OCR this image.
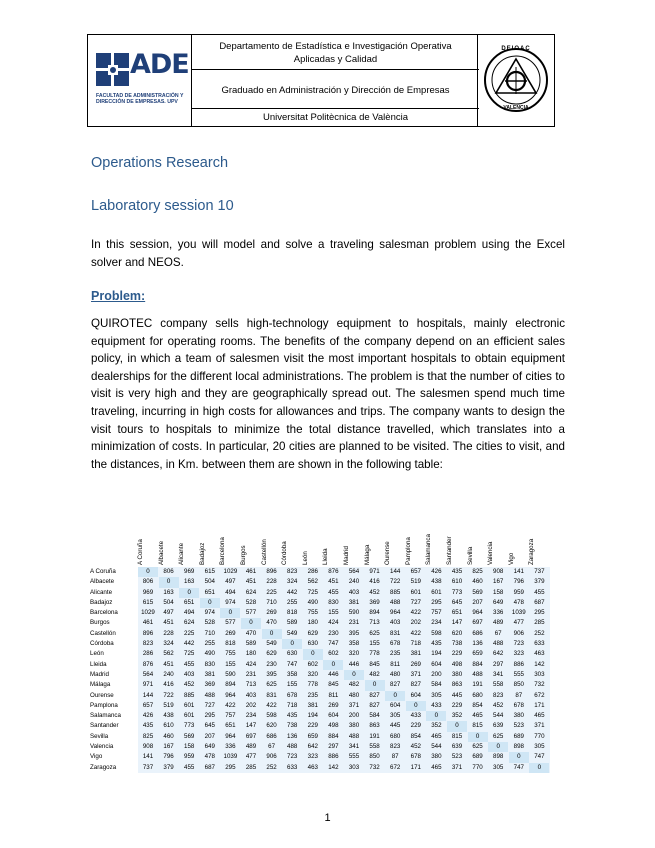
ADE
FACULTAD DE ADMINISTRACIÓN Y DIRECCIÓN DE EMPRESAS. UPV
Departamento de Estadística e Investigación Operativa
Aplicadas y Calidad
Graduado en Administración y Dirección de Empresas
Universitat Politècnica de València
DEIOAC
VALENCIA
Operations Research
Laboratory session 10
In this session, you will model and solve a traveling salesman problem using the Excel solver and NEOS.
Problem:
QUIROTEC company sells high-technology equipment to hospitals, mainly electronic equipment for operating rooms. The benefits of the company depend on an efficient sales policy, in which a team of salesmen visit the most important hospitals to obtain equipment dealerships for the different local administrations. The problem is that the number of cities to visit is very high and they are geographically spread out. The salesmen spend much time traveling, incurring in high costs for allowances and trips. The company wants to design the visit tours to hospitals to minimize the total distance travelled, which translates into a minimization of costs. In particular, 20 cities are planned to be visited. The cities to visit, and the distances, in Km. between them are shown in the following table:
A Coruña Albacete Alicante Badajoz Barcelona Burgos Castellón Córdoba León Lleida Madrid Málaga Ourense Pamplona Salamanca Santander Sevilla Valencia Vigo Zaragoza
A Coruña	0	806	969	615	1029	461	896	823	286	876	564	971	144	657	426	435	825	908	141	737
Albacete	806	0	163	504	497	451	228	324	562	451	240	416	722	519	438	610	460	167	796	379
Alicante	969	163	0	651	494	624	225	442	725	455	403	452	885	601	601	773	569	158	959	455
Badajoz	615	504	651	0	974	528	710	255	490	830	381	369	488	727	295	645	207	649	478	687
Barcelona	1029	497	494	974	0	577	269	818	755	155	590	894	964	422	757	651	964	336	1039	295
Burgos	461	451	624	528	577	0	470	589	180	424	231	713	403	202	234	147	697	489	477	285
Castellón	896	228	225	710	269	470	0	549	629	230	395	625	831	422	598	620	686	67	906	252
Córdoba	823	324	442	255	818	589	549	0	630	747	358	155	678	718	435	738	136	488	723	633
León	286	562	725	490	755	180	629	630	0	602	320	778	235	381	194	229	659	642	323	463
Lleida	876	451	455	830	155	424	230	747	602	0	446	845	811	269	604	498	884	297	886	142
Madrid	564	240	403	381	590	231	395	358	320	446	0	482	480	371	200	380	488	341	555	303
Málaga	971	416	452	369	894	713	625	155	778	845	482	0	827	827	584	863	191	558	850	732
Ourense	144	722	885	488	964	403	831	678	235	811	480	827	0	604	305	445	680	823	87	672
Pamplona	657	519	601	727	422	202	422	718	381	269	371	827	604	0	433	229	854	452	678	171
Salamanca	426	438	601	295	757	234	598	435	194	604	200	584	305	433	0	352	465	544	380	465
Santander	435	610	773	645	651	147	620	738	229	498	380	863	445	229	352	0	815	639	523	371
Sevilla	825	460	569	207	964	697	686	136	659	884	488	191	680	854	465	815	0	625	689	770
Valencia	908	167	158	649	336	489	67	488	642	297	341	558	823	452	544	639	625	0	898	305
Vigo	141	796	959	478	1039	477	906	723	323	886	555	850	87	678	380	523	689	898	0	747
Zaragoza	737	379	455	687	295	285	252	633	463	142	303	732	672	171	465	371	770	305	747	0
1
